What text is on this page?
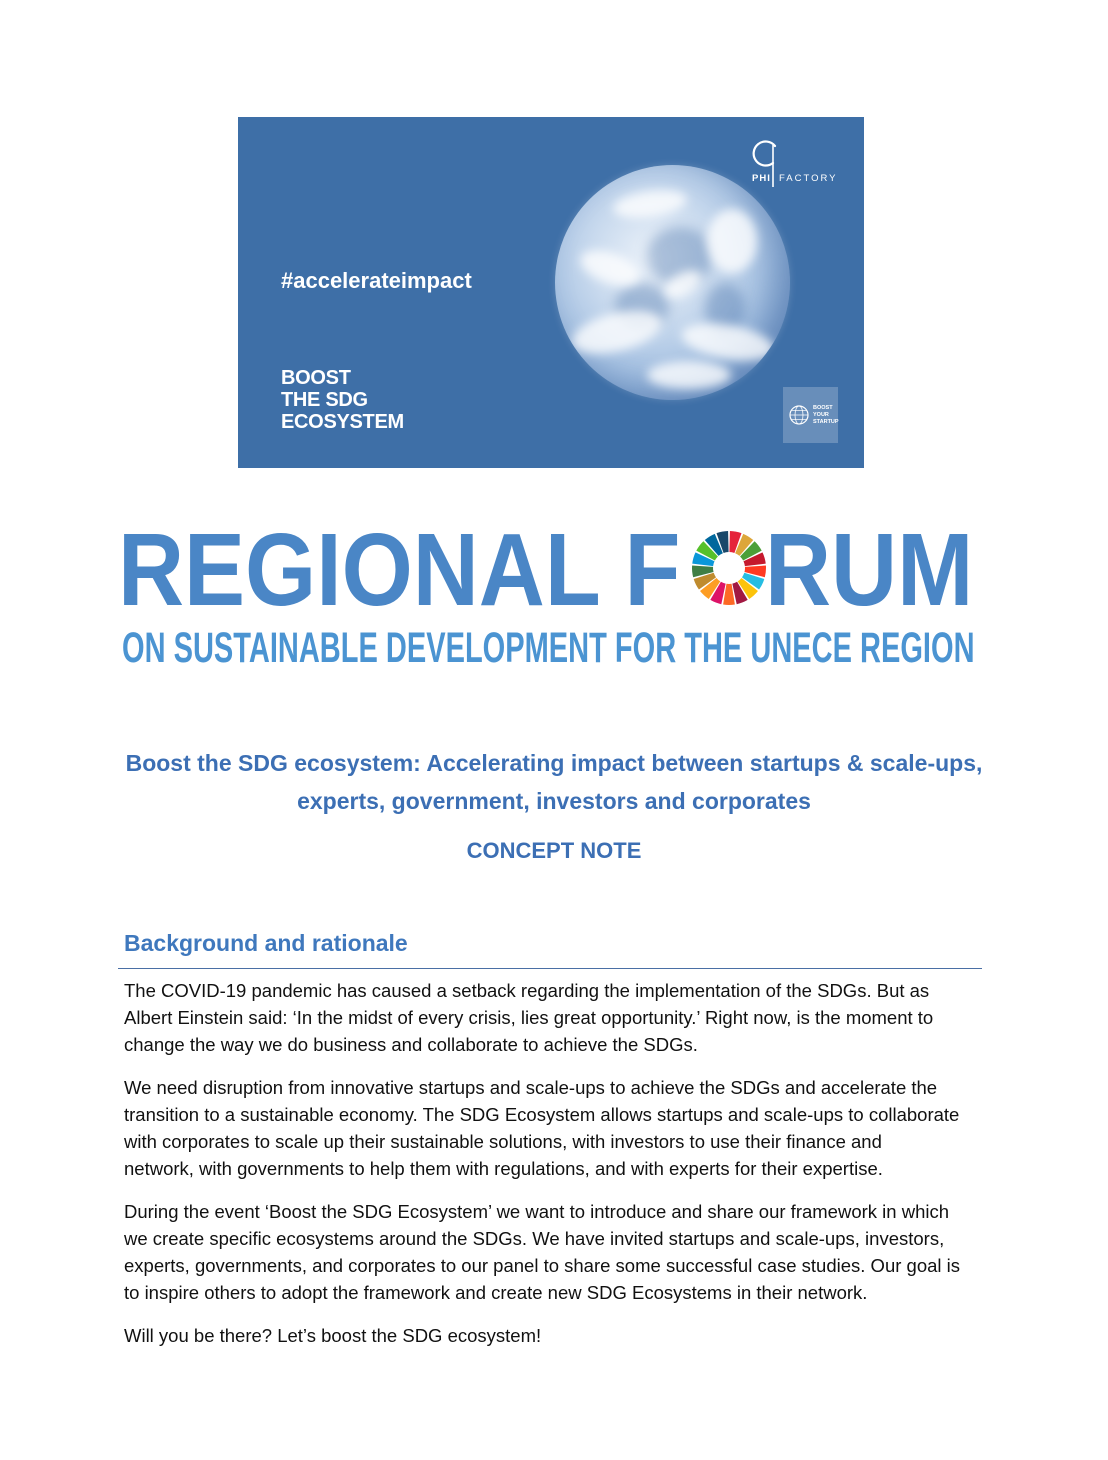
#accelerateimpact
BOOST
THE SDG
ECOSYSTEM
PHI FACTORY
BOOST
YOUR
STARTUP
REGIONAL F RUM
ON SUSTAINABLE DEVELOPMENT FOR THE UNECE REGION
Boost the SDG ecosystem: Accelerating impact between startups & scale-ups,
experts, government, investors and corporates
CONCEPT NOTE
Background and rationale

The COVID-19 pandemic has caused a setback regarding the implementation of the SDGs. But as
Albert Einstein said: ‘In the midst of every crisis, lies great opportunity.’ Right now, is the moment to
change the way we do business and collaborate to achieve the SDGs.

We need disruption from innovative startups and scale-ups to achieve the SDGs and accelerate the
transition to a sustainable economy. The SDG Ecosystem allows startups and scale-ups to collaborate
with corporates to scale up their sustainable solutions, with investors to use their finance and
network, with governments to help them with regulations, and with experts for their expertise.

During the event ‘Boost the SDG Ecosystem’ we want to introduce and share our framework in which
we create specific ecosystems around the SDGs. We have invited startups and scale-ups, investors,
experts, governments, and corporates to our panel to share some successful case studies. Our goal is
to inspire others to adopt the framework and create new SDG Ecosystems in their network.

Will you be there? Let’s boost the SDG ecosystem!
